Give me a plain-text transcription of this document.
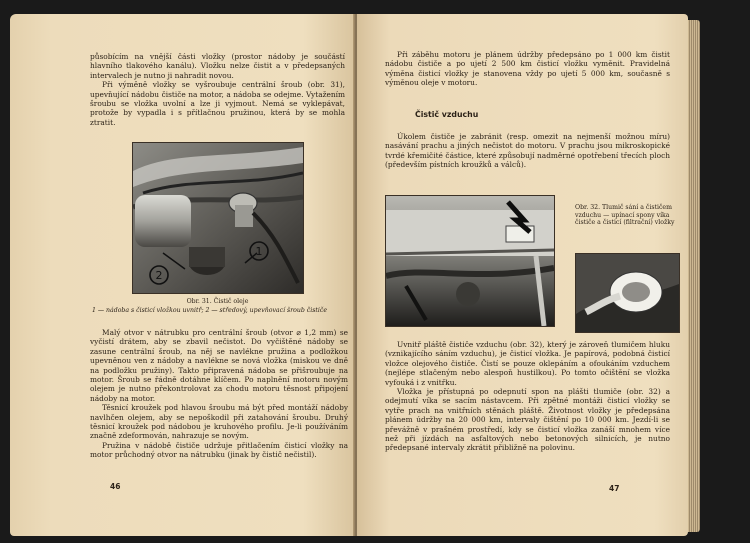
působícím na vnější části vložky (prostor nádoby je součástí hlavního tlakového kanálu). Vložku nelze čistit a v předepsaných intervalech je nutno ji nahradit novou.

Při výměně vložky se vyšroubuje centrální šroub (obr. 31), upevňující nádobu čističe na motor, a nádoba se odejme. Vytažením šroubu se vložka uvolní a lze ji vyjmout. Nemá se vyklepávat, protože by vypadla i s přítlačnou pružinou, která by se mohla ztratit.

2
1
Obr. 31. Čistič oleje
1 — nádoba s čisticí vložkou uvnitř; 2 — středový, upevňovací šroub čističe

Malý otvor v nátrubku pro centrální šroub (otvor ⌀ 1,2 mm) se vyčistí drátem, aby se zbavil nečistot. Do vyčištěné nádoby se zasune centrální šroub, na něj se navlékne pružina a podložkou upevněnou ven z nádoby a navlékne se nová vložka (miskou ve dně na podložku pružiny). Takto připravená nádoba se přišroubuje na motor. Šroub se řádně dotáhne klíčem. Po naplnění motoru novým olejem je nutno překontrolovat za chodu motoru těsnost připojení nádoby na motor.

Těsnicí kroužek pod hlavou šroubu má být před montáží nádoby navlhčen olejem, aby se nepoškodil při zatahování šroubu. Druhý těsnicí kroužek pod nádobou je kruhového profilu. Je-li používáním značně zdeformován, nahrazuje se novým.

Pružina v nádobě čističe udržuje přitlačením čisticí vložky na motor průchodný otvor na nátrubku (jinak by čistič nečistil).

46

Při záběhu motoru je plánem údržby předepsáno po 1 000 km čistit nádobu čističe a po ujetí 2 500 km čisticí vložku vyměnit. Pravidelná výměna čisticí vložky je stanovena vždy po ujetí 5 000 km, současně s výměnou oleje v motoru.

Čistič vzduchu

Úkolem čističe je zabránit (resp. omezit na nejmenší možnou míru) nasávání prachu a jiných nečistot do motoru. V prachu jsou mikroskopické tvrdé křemičité částice, které způsobují nadměrné opotřebení třecích ploch (především pístních kroužků a válců).

Obr. 32. Tlumič sání a čističem vzduchu — upínací spony víka čističe a čisticí (filtrační) vložky

Uvnitř pláště čističe vzduchu (obr. 32), který je zároveň tlumičem hluku (vznikajícího sáním vzduchu), je čisticí vložka. Je papírová, podobná čisticí vložce olejového čističe. Čistí se pouze oklepáním a ofoukáním vzduchem (nejlépe stlačeným nebo alespoň hustilkou). Po tomto očištění se vložka vyfouká i z vnitřku.

Vložka je přístupná po odepnutí spon na plášti tlumiče (obr. 32) a odejmutí víka se sacím nástavcem. Při zpětné montáži čisticí vložky se vytře prach na vnitřních stěnách pláště. Životnost vložky je předepsána plánem údržby na 20 000 km, intervaly čištění po 10 000 km. Jezdí-li se převážně v prašném prostředí, kdy se čisticí vložka zanáší mnohem více než při jízdách na asfaltových nebo betonových silnicích, je nutno předepsané intervaly zkrátit přibližně na polovinu.

47
